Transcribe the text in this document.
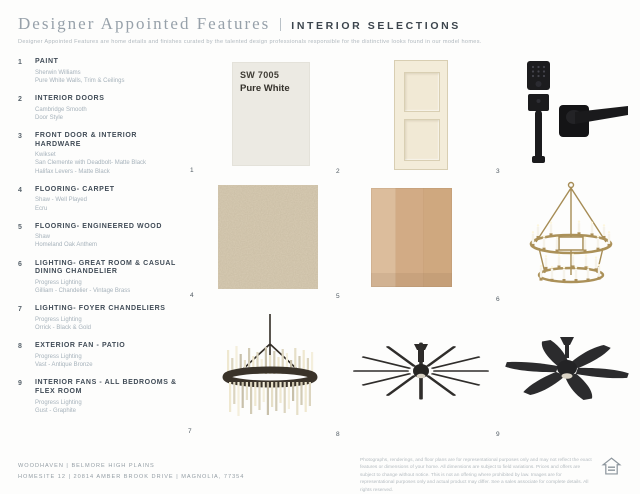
Designer Appointed Features INTERIOR SELECTIONS
Designer Appointed Features are home details and finishes curated by the talented design professionals responsible for the distinctive looks found in our model homes.
1	PAINT
Sherwin Williams
Pure White Walls, Trim & Ceilings
2	INTERIOR DOORS
Cambridge Smooth
Door Style
3	FRONT DOOR & INTERIOR HARDWARE
Kwikset
San Clemente with Deadbolt- Matte Black
Halifax Levers - Matte Black
4	FLOORING- CARPET
Shaw - Well Played
Ecru
5	FLOORING- ENGINEERED WOOD
Shaw
Homeland Oak Anthem
6	LIGHTING- GREAT ROOM & CASUAL DINING CHANDELIER
Progress Lighting
Gilliam - Chandelier - Vintage Brass
7	LIGHTING- FOYER CHANDELIERS
Progress Lighting
Orrick - Black & Gold
8	EXTERIOR FAN - PATIO
Progress Lighting
Vast - Antique Bronze
9	INTERIOR FANS - ALL BEDROOMS & FLEX ROOM
Progress Lighting
Gust - Graphite
SW 7005
Pure White
1	2	3
4	5	6
7	8	9
WOODHAVEN | BELMORE HIGH PLAINS
HOMESITE 12 | 20814 AMBER BROOK DRIVE | MAGNOLIA, 77354
Photographs, renderings, and floor plans are for representational purposes only and may not reflect the exact features or dimensions of your home. All dimensions are subject to field variations. Prices and offers are subject to change without notice. This is not an offering where prohibited by law. Images are for representational purposes only and actual product may differ. See a sales associate for complete details. All rights reserved.
